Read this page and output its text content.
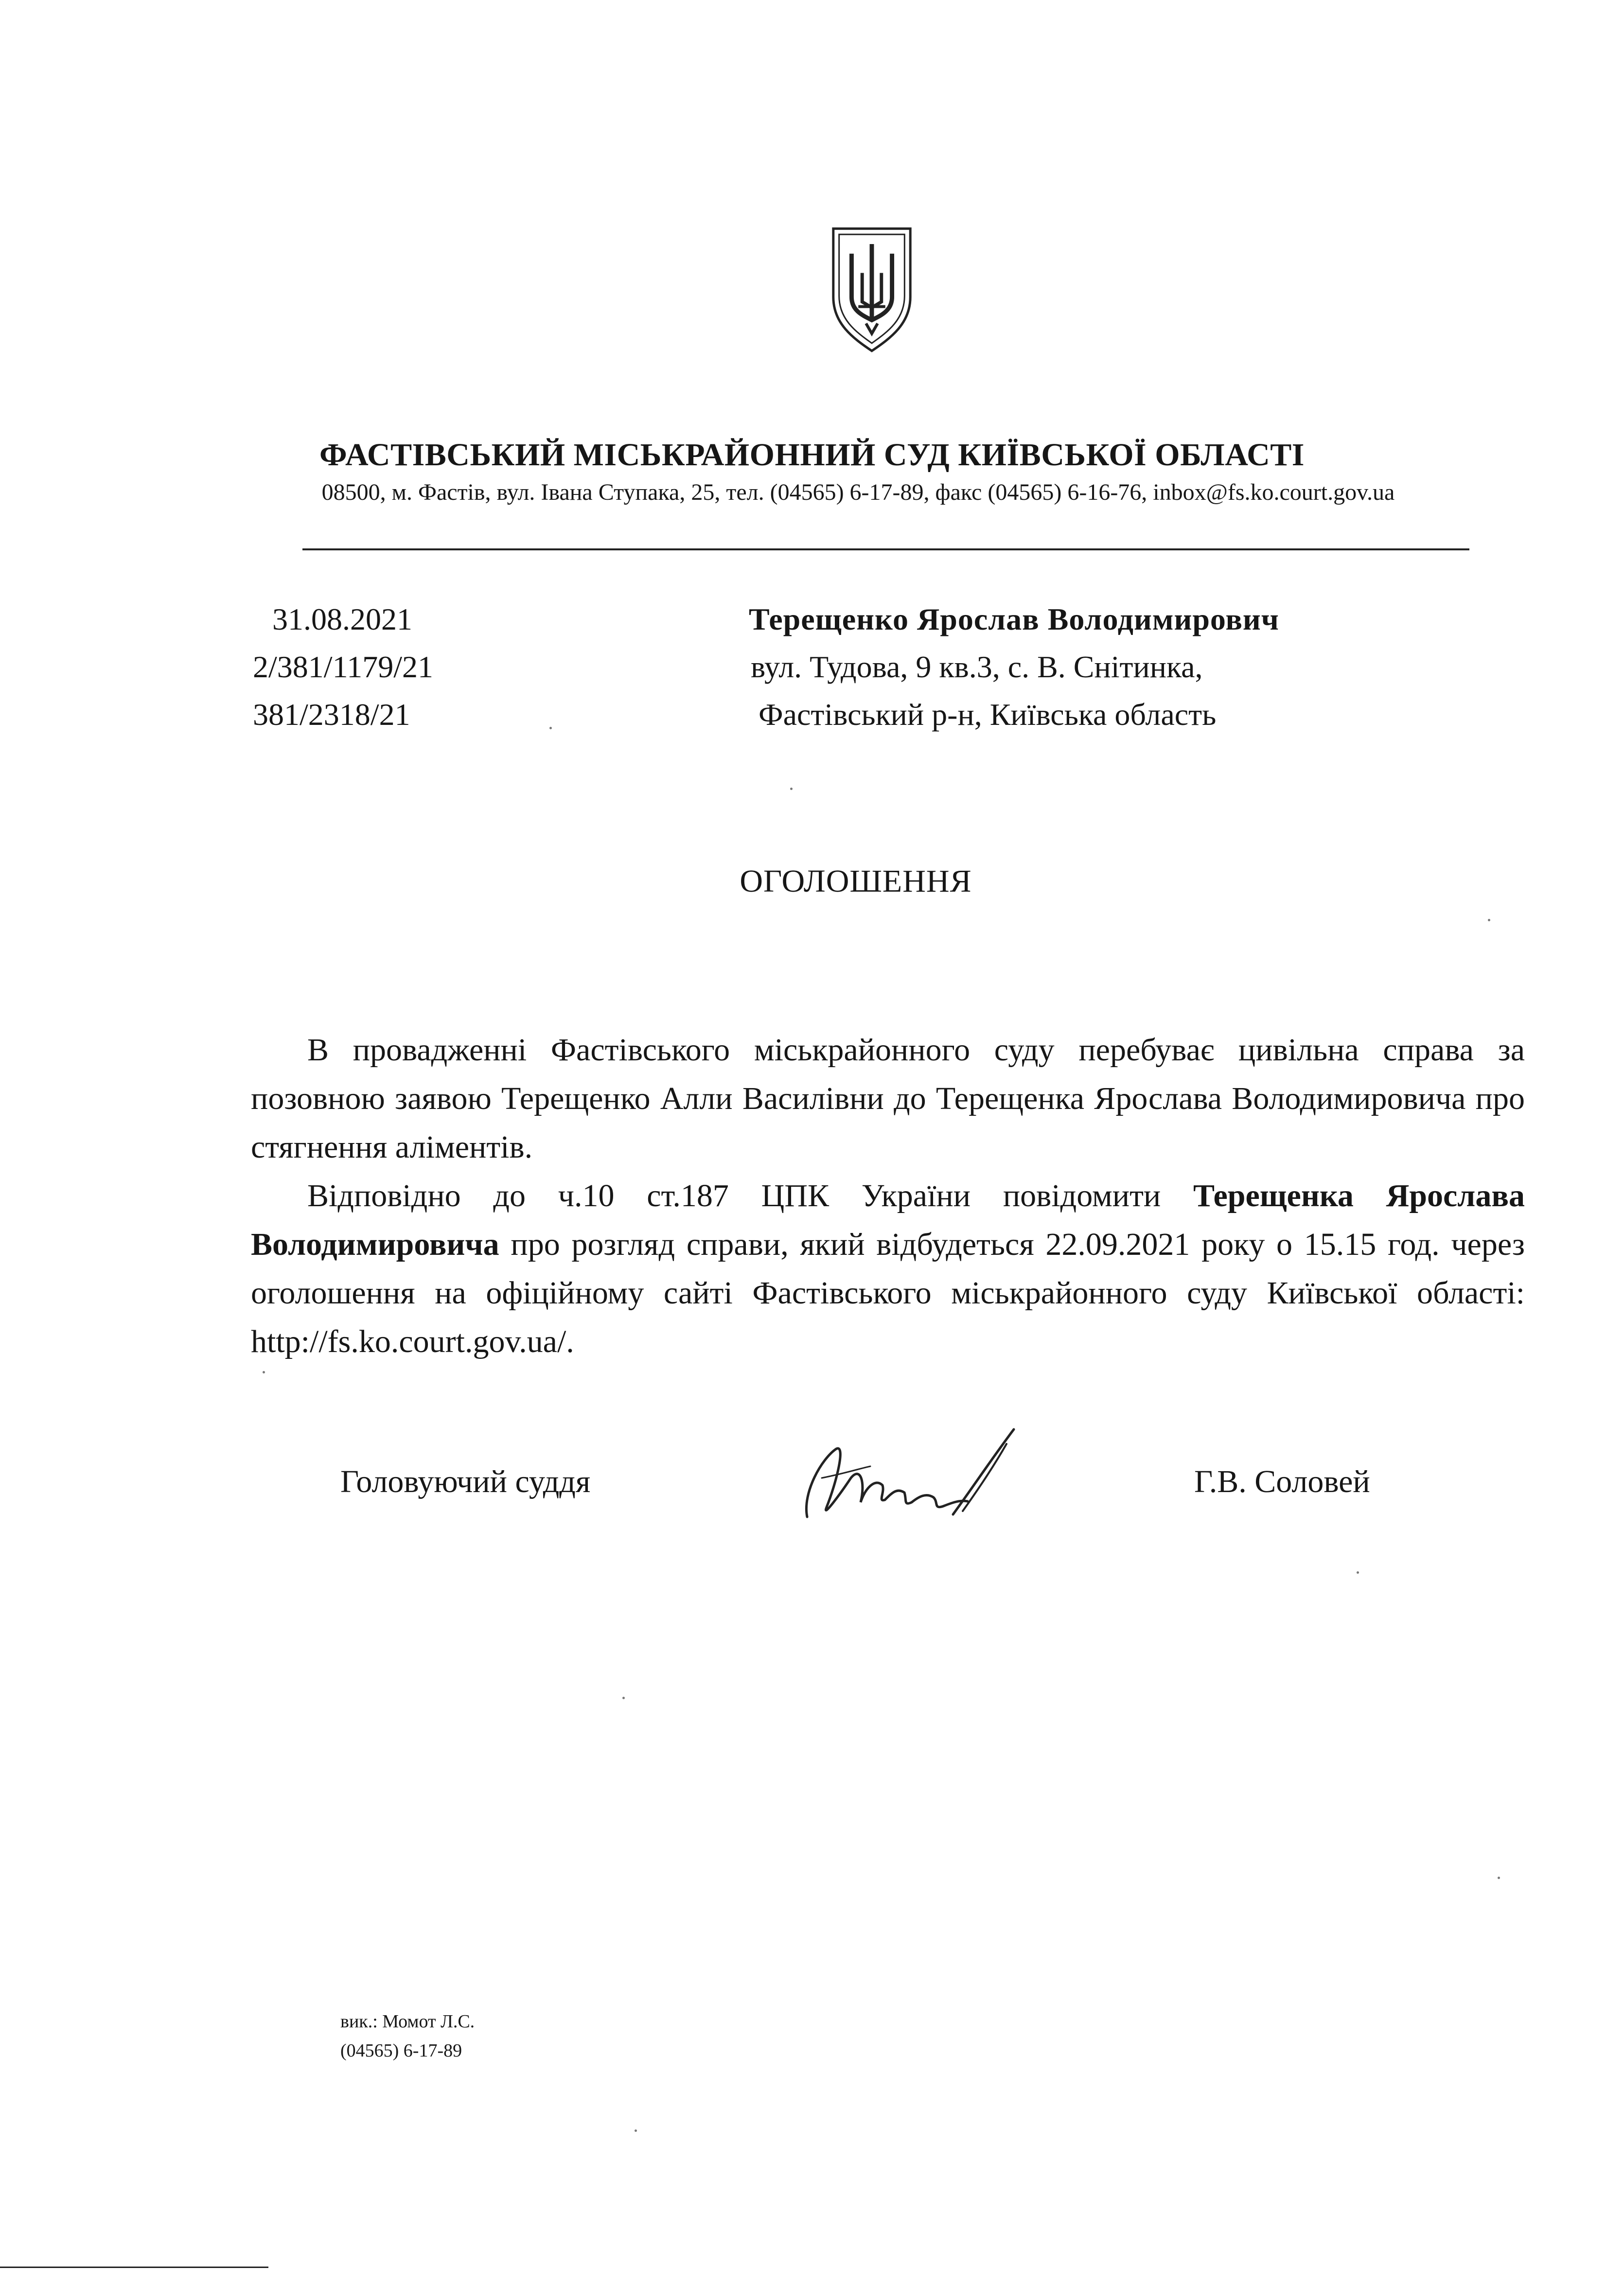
ФАСТІВСЬКИЙ МІСЬКРАЙОННИЙ СУД КИЇВСЬКОЇ ОБЛАСТІ
08500, м. Фастів, вул. Івана Ступака, 25, тел. (04565) 6-17-89, факс (04565) 6-16-76, inbox@fs.ko.court.gov.ua
31.08.2021
2/381/1179/21
381/2318/21
Терещенко Ярослав Володимирович
вул. Тудова, 9 кв.3, с. В. Снітинка,
Фастівський р-н, Київська область
ОГОЛОШЕННЯ

В провадженні Фастівського міськрайонного суду перебуває цивільна справа за позовною заявою Терещенко Алли Василівни до Терещенка Ярослава Володимировича про стягнення аліментів.

Відповідно до ч.10 ст.187 ЦПК України повідомити Терещенка Ярослава Володимировича про розгляд справи, який відбудеться 22.09.2021 року о 15.15 год. через оголошення на офіційному сайті Фастівського міськрайонного суду Київської області: http://fs.ko.court.gov.ua/.

Головуючий суддя	Г.В. Соловей
вик.: Момот Л.С.
(04565) 6-17-89
